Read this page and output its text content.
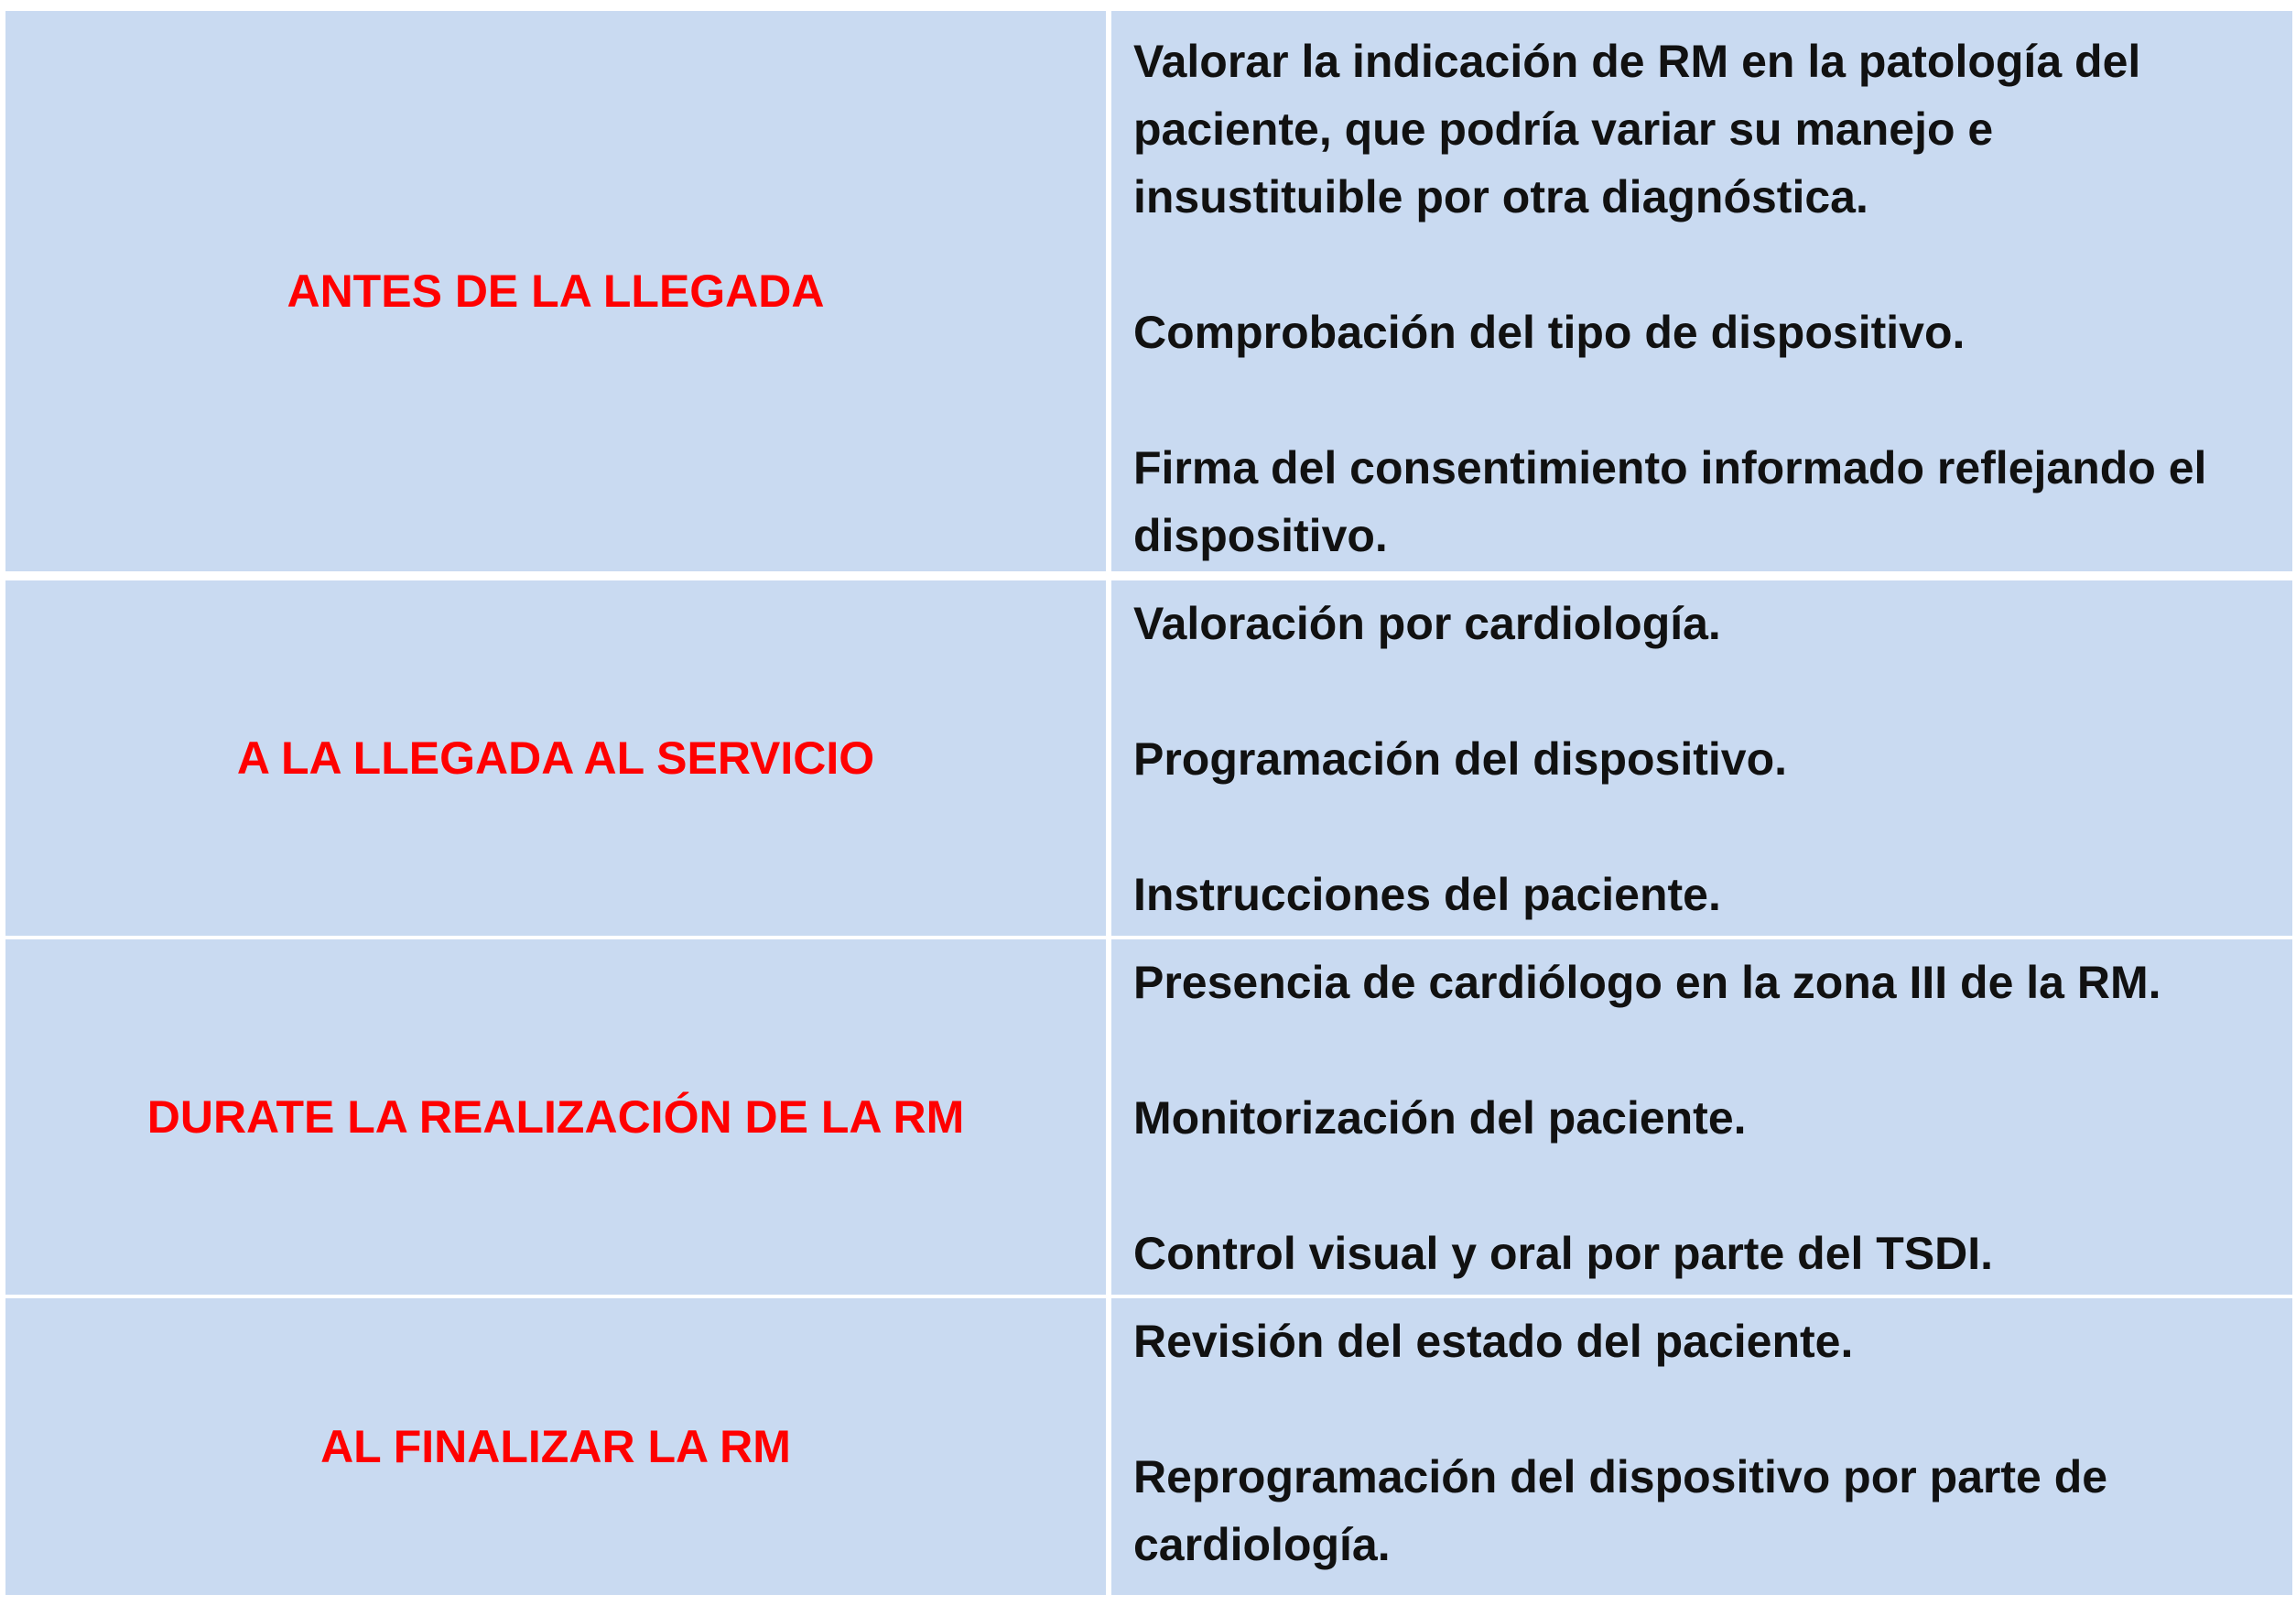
ANTES DE LA LLEGADA

Valorar la indicación de RM en la patología del paciente, que podría variar su manejo e insustituible por otra diagnóstica.

Comprobación del tipo de dispositivo.

Firma del consentimiento informado reflejando el dispositivo.

A LA LLEGADA AL SERVICIO

Valoración por cardiología.

Programación del dispositivo.

Instrucciones del paciente.

DURATE LA REALIZACIÓN DE LA RM

Presencia de cardiólogo en la zona III de la RM.

Monitorización del paciente.

Control visual y oral por parte del TSDI.

AL FINALIZAR LA RM

Revisión del estado del paciente.

Reprogramación del dispositivo por parte de cardiología.
